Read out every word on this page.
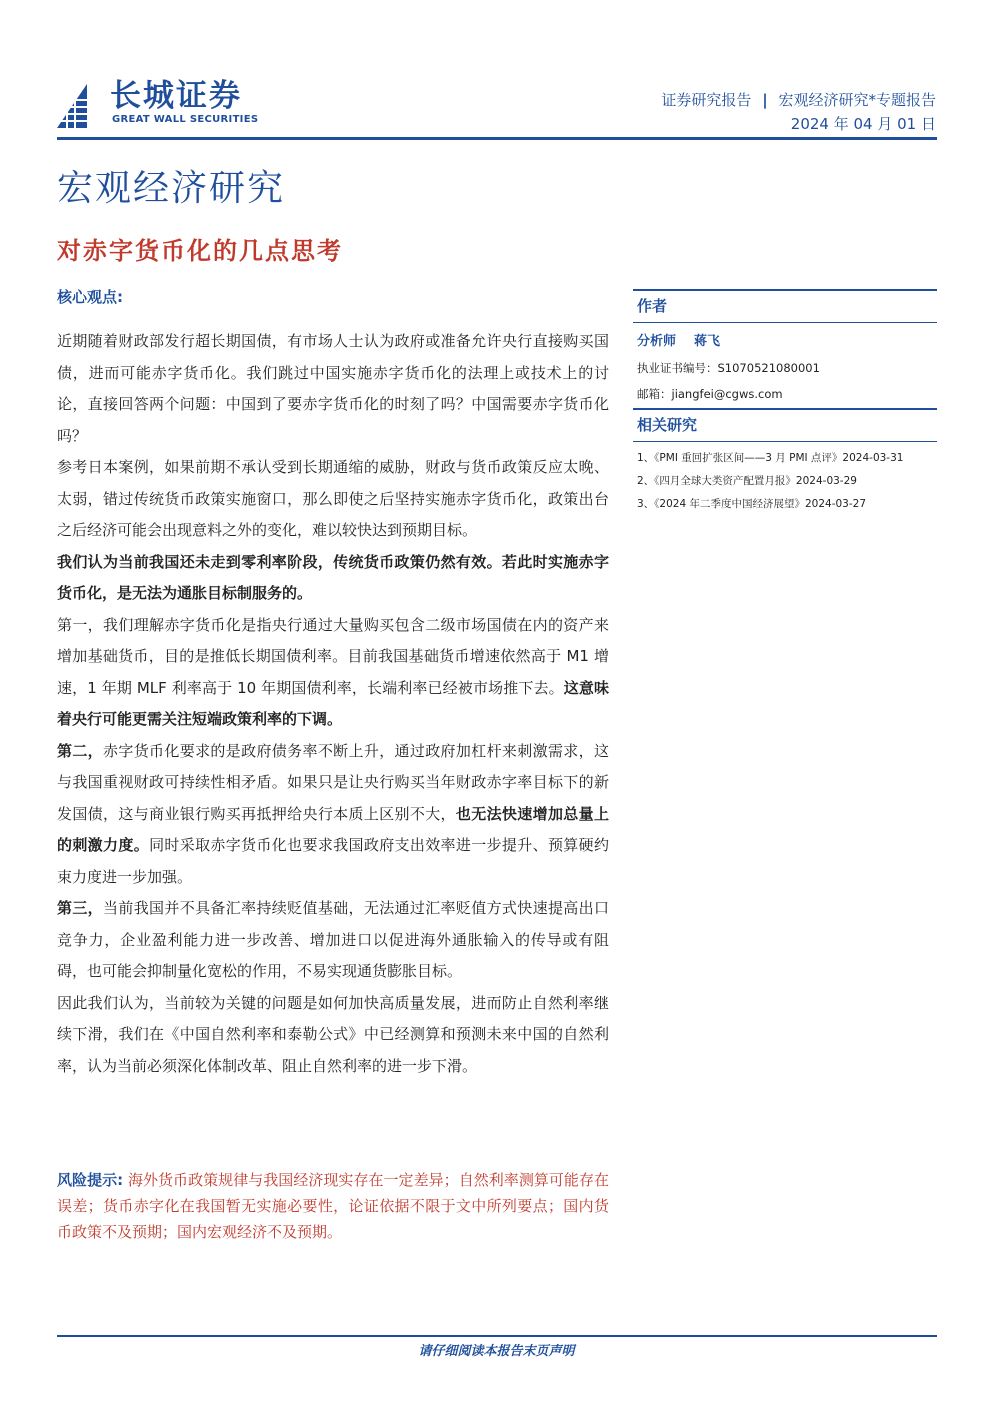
长城证券
GREAT WALL SECURITIES
证券研究报告 | 宏观经济研究*专题报告
2024 年 04 月 01 日
宏观经济研究
对赤字货币化的几点思考
核心观点:

近期随着财政部发行超长期国债，有市场人士认为政府或准备允许央行直接购买国债，进而可能赤字货币化。我们跳过中国实施赤字货币化的法理上或技术上的讨论，直接回答两个问题：中国到了要赤字货币化的时刻了吗？中国需要赤字货币化吗？

参考日本案例，如果前期不承认受到长期通缩的威胁，财政与货币政策反应太晚、太弱，错过传统货币政策实施窗口，那么即使之后坚持实施赤字货币化，政策出台之后经济可能会出现意料之外的变化，难以较快达到预期目标。

我们认为当前我国还未走到零利率阶段，传统货币政策仍然有效。若此时实施赤字货币化，是无法为通胀目标制服务的。

第一，我们理解赤字货币化是指央行通过大量购买包含二级市场国债在内的资产来增加基础货币，目的是推低长期国债利率。目前我国基础货币增速依然高于 M1 增速，1 年期 MLF 利率高于 10 年期国债利率，长端利率已经被市场推下去。这意味着央行可能更需关注短端政策利率的下调。

第二，赤字货币化要求的是政府债务率不断上升，通过政府加杠杆来刺激需求，这与我国重视财政可持续性相矛盾。如果只是让央行购买当年财政赤字率目标下的新发国债，这与商业银行购买再抵押给央行本质上区别不大，也无法快速增加总量上的刺激力度。同时采取赤字货币化也要求我国政府支出效率进一步提升、预算硬约束力度进一步加强。

第三，当前我国并不具备汇率持续贬值基础，无法通过汇率贬值方式快速提高出口竞争力，企业盈利能力进一步改善、增加进口以促进海外通胀输入的传导或有阻碍，也可能会抑制量化宽松的作用，不易实现通货膨胀目标。

因此我们认为，当前较为关键的问题是如何加快高质量发展，进而防止自然利率继续下滑，我们在《中国自然利率和泰勒公式》中已经测算和预测未来中国的自然利率，认为当前必须深化体制改革、阻止自然利率的进一步下滑。

风险提示: 海外货币政策规律与我国经济现实存在一定差异；自然利率测算可能存在误差；货币赤字化在我国暂无实施必要性，论证依据不限于文中所列要点；国内货币政策不及预期；国内宏观经济不及预期。
作者
分析师 蒋飞
执业证书编号：S1070521080001
邮箱：jiangfei@cgws.com
相关研究
1、《PMI 重回扩张区间——3 月 PMI 点评》2024-03-31
2、《四月全球大类资产配置月报》2024-03-29
3、《2024 年二季度中国经济展望》2024-03-27
请仔细阅读本报告末页声明
